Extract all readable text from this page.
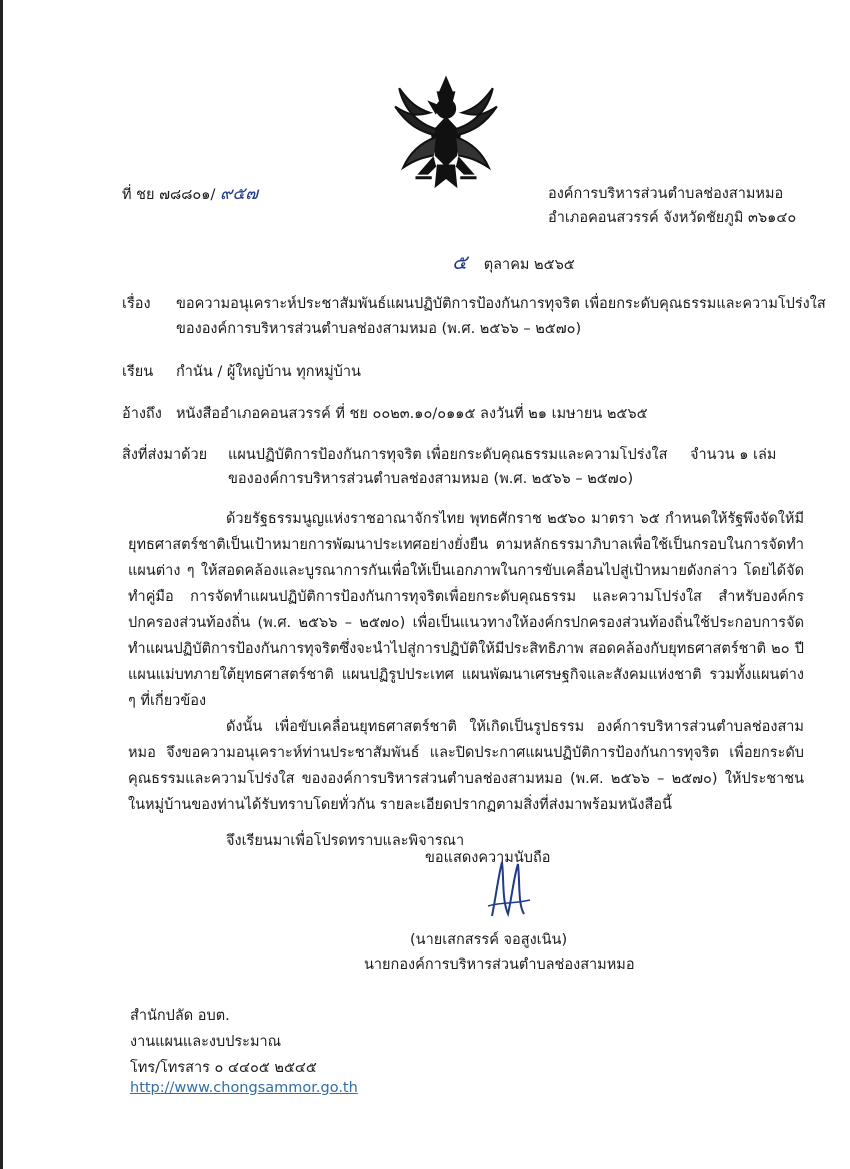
ที่ ชย ๗๘๘๐๑/ ๙๕๗	องค์การบริหารส่วนตำบลช่องสามหมอ
อำเภอคอนสวรรค์ จังหวัดชัยภูมิ ๓๖๑๔๐
๕ ตุลาคม ๒๕๖๕
เรื่อง ขอความอนุเคราะห์ประชาสัมพันธ์แผนปฏิบัติการป้องกันการทุจริต เพื่อยกระดับคุณธรรมและความโปร่งใส
ขององค์การบริหารส่วนตำบลช่องสามหมอ (พ.ศ. ๒๕๖๖ – ๒๕๗๐)
เรียน กำนัน / ผู้ใหญ่บ้าน ทุกหมู่บ้าน
อ้างถึง หนังสืออำเภอคอนสวรรค์ ที่ ชย ๐๐๒๓.๑๐/๐๑๑๕ ลงวันที่ ๒๑ เมษายน ๒๕๖๕
สิ่งที่ส่งมาด้วย แผนปฏิบัติการป้องกันการทุจริต เพื่อยกระดับคุณธรรมและความโปร่งใส จำนวน ๑ เล่ม
ขององค์การบริหารส่วนตำบลช่องสามหมอ (พ.ศ. ๒๕๖๖ – ๒๕๗๐)

ด้วยรัฐธรรมนูญแห่งราชอาณาจักรไทย พุทธศักราช ๒๕๖๐ มาตรา ๖๕ กำหนดให้รัฐพึงจัดให้มียุทธศาสตร์ชาติเป็นเป้าหมายการพัฒนาประเทศอย่างยั่งยืน ตามหลักธรรมาภิบาลเพื่อใช้เป็นกรอบในการจัดทำแผนต่าง ๆ ให้สอดคล้องและบูรณาการกันเพื่อให้เป็นเอกภาพในการขับเคลื่อนไปสู่เป้าหมายดังกล่าว โดยได้จัดทำคู่มือ การจัดทำแผนปฏิบัติการป้องกันการทุจริตเพื่อยกระดับคุณธรรม และความโปร่งใส สำหรับองค์กรปกครองส่วนท้องถิ่น (พ.ศ. ๒๕๖๖ – ๒๕๗๐) เพื่อเป็นแนวทางให้องค์กรปกครองส่วนท้องถิ่นใช้ประกอบการจัดทำแผนปฏิบัติการป้องกันการทุจริตซึ่งจะนำไปสู่การปฏิบัติให้มีประสิทธิภาพ สอดคล้องกับยุทธศาสตร์ชาติ ๒๐ ปี แผนแม่บทภายใต้ยุทธศาสตร์ชาติ แผนปฏิรูปประเทศ แผนพัฒนาเศรษฐกิจและสังคมแห่งชาติ รวมทั้งแผนต่าง ๆ ที่เกี่ยวข้อง

ดังนั้น เพื่อขับเคลื่อนยุทธศาสตร์ชาติ ให้เกิดเป็นรูปธรรม องค์การบริหารส่วนตำบลช่องสามหมอ จึงขอความอนุเคราะห์ท่านประชาสัมพันธ์ และปิดประกาศแผนปฏิบัติการป้องกันการทุจริต เพื่อยกระดับคุณธรรมและความโปร่งใส ขององค์การบริหารส่วนตำบลช่องสามหมอ (พ.ศ. ๒๕๖๖ – ๒๕๗๐) ให้ประชาชนในหมู่บ้านของท่านได้รับทราบโดยทั่วกัน รายละเอียดปรากฏตามสิ่งที่ส่งมาพร้อมหนังสือนี้

จึงเรียนมาเพื่อโปรดทราบและพิจารณา

ขอแสดงความนับถือ
(นายเสกสรรค์ จอสูงเนิน)
นายกองค์การบริหารส่วนตำบลช่องสามหมอ
สำนักปลัด อบต.
งานแผนและงบประมาณ
โทร/โทรสาร ๐ ๔๔๐๕ ๒๕๔๕
http://www.chongsammor.go.th
